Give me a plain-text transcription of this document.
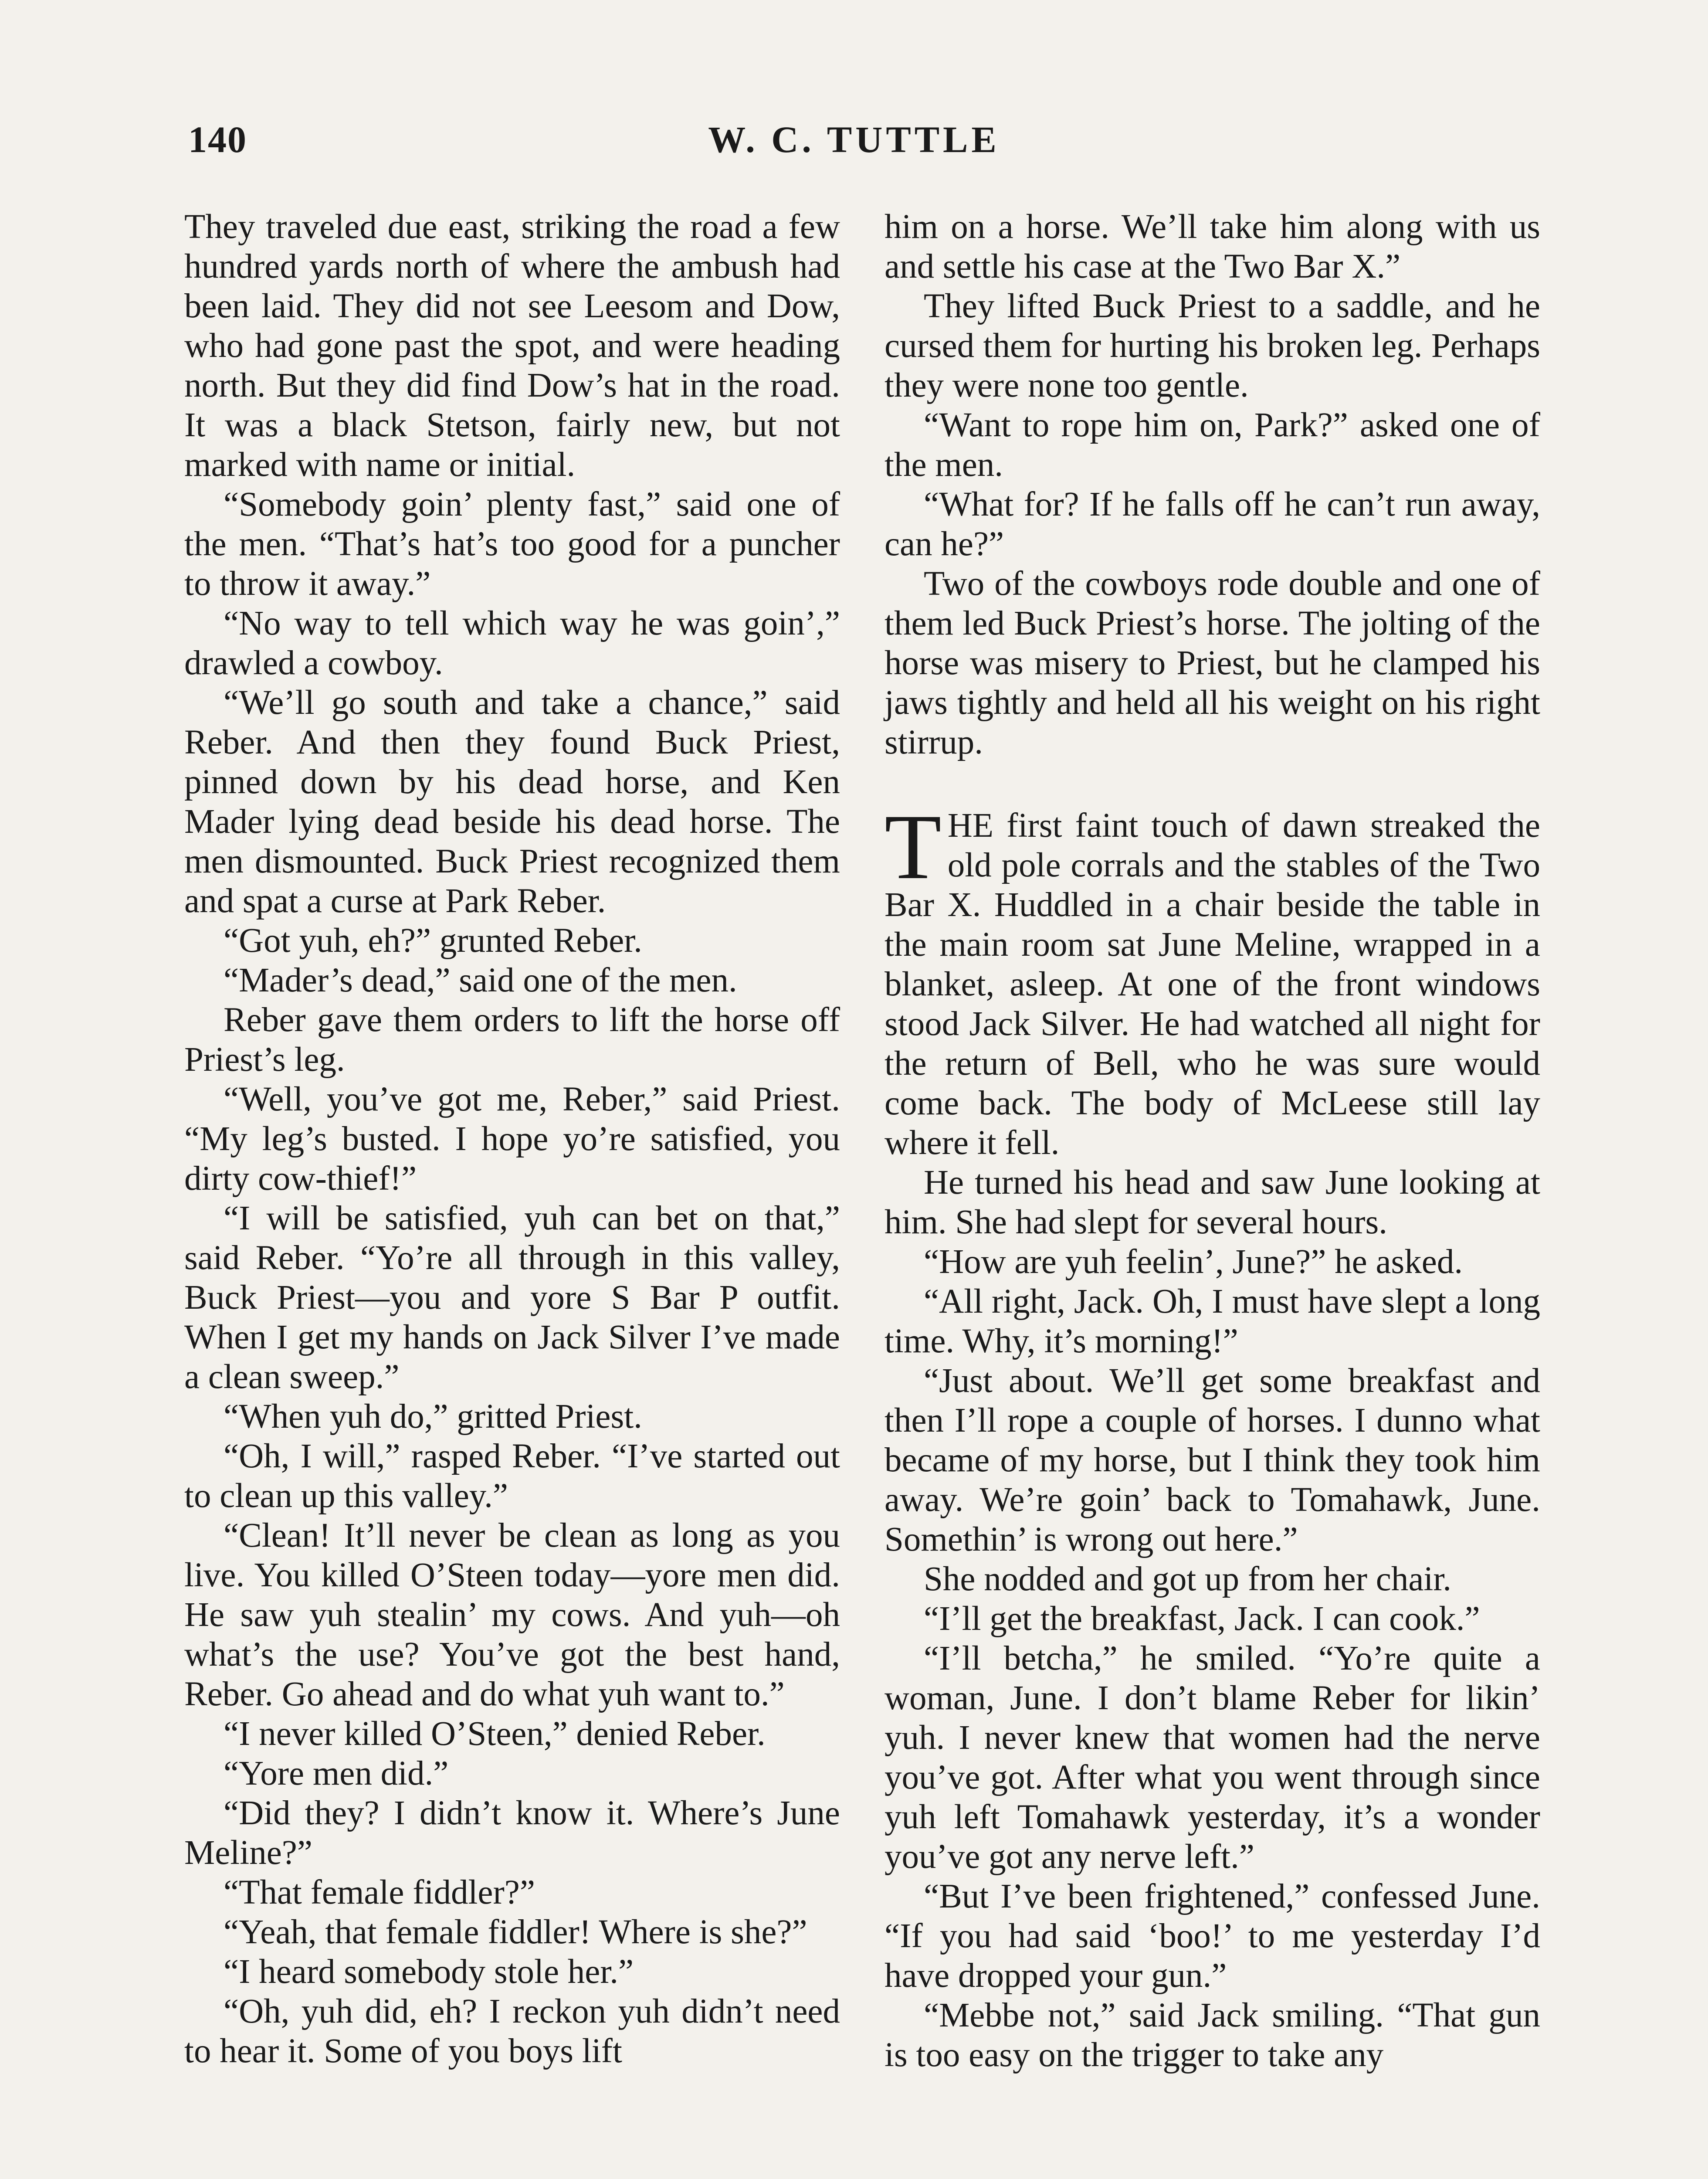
140	W. C. TUTTLE

They traveled due east, striking the road a few hundred yards north of where the ambush had been laid. They did not see Leesom and Dow, who had gone past the spot, and were heading north. But they did find Dow’s hat in the road. It was a black Stetson, fairly new, but not marked with name or initial.

“Somebody goin’ plenty fast,” said one of the men. “That’s hat’s too good for a puncher to throw it away.”

“No way to tell which way he was goin’,” drawled a cowboy.

“We’ll go south and take a chance,” said Reber. And then they found Buck Priest, pinned down by his dead horse, and Ken Mader lying dead beside his dead horse. The men dismounted. Buck Priest recognized them and spat a curse at Park Reber.

“Got yuh, eh?” grunted Reber.

“Mader’s dead,” said one of the men.

Reber gave them orders to lift the horse off Priest’s leg.

“Well, you’ve got me, Reber,” said Priest. “My leg’s busted. I hope yo’re satisfied, you dirty cow-thief!”

“I will be satisfied, yuh can bet on that,” said Reber. “Yo’re all through in this valley, Buck Priest—you and yore S Bar P outfit. When I get my hands on Jack Silver I’ve made a clean sweep.”

“When yuh do,” gritted Priest.

“Oh, I will,” rasped Reber. “I’ve started out to clean up this valley.”

“Clean! It’ll never be clean as long as you live. You killed O’Steen today—yore men did. He saw yuh stealin’ my cows. And yuh—oh what’s the use? You’ve got the best hand, Reber. Go ahead and do what yuh want to.”

“I never killed O’Steen,” denied Reber.

“Yore men did.”

“Did they? I didn’t know it. Where’s June Meline?”

“That female fiddler?”

“Yeah, that female fiddler! Where is she?”

“I heard somebody stole her.”

“Oh, yuh did, eh? I reckon yuh didn’t need to hear it. Some of you boys lift

him on a horse. We’ll take him along with us and settle his case at the Two Bar X.”

They lifted Buck Priest to a saddle, and he cursed them for hurting his broken leg. Perhaps they were none too gentle.

“Want to rope him on, Park?” asked one of the men.

“What for? If he falls off he can’t run away, can he?”

Two of the cowboys rode double and one of them led Buck Priest’s horse. The jolting of the horse was misery to Priest, but he clamped his jaws tightly and held all his weight on his right stirrup.

THE first faint touch of dawn streaked the old pole corrals and the stables of the Two Bar X. Huddled in a chair beside the table in the main room sat June Meline, wrapped in a blanket, asleep. At one of the front windows stood Jack Silver. He had watched all night for the return of Bell, who he was sure would come back. The body of McLeese still lay where it fell.

He turned his head and saw June looking at him. She had slept for several hours.

“How are yuh feelin’, June?” he asked.

“All right, Jack. Oh, I must have slept a long time. Why, it’s morning!”

“Just about. We’ll get some breakfast and then I’ll rope a couple of horses. I dunno what became of my horse, but I think they took him away. We’re goin’ back to Tomahawk, June. Somethin’ is wrong out here.”

She nodded and got up from her chair.

“I’ll get the breakfast, Jack. I can cook.”

“I’ll betcha,” he smiled. “Yo’re quite a woman, June. I don’t blame Reber for likin’ yuh. I never knew that women had the nerve you’ve got. After what you went through since yuh left Tomahawk yesterday, it’s a wonder you’ve got any nerve left.”

“But I’ve been frightened,” confessed June. “If you had said ‘boo!’ to me yesterday I’d have dropped your gun.”

“Mebbe not,” said Jack smiling. “That gun is too easy on the trigger to take any
